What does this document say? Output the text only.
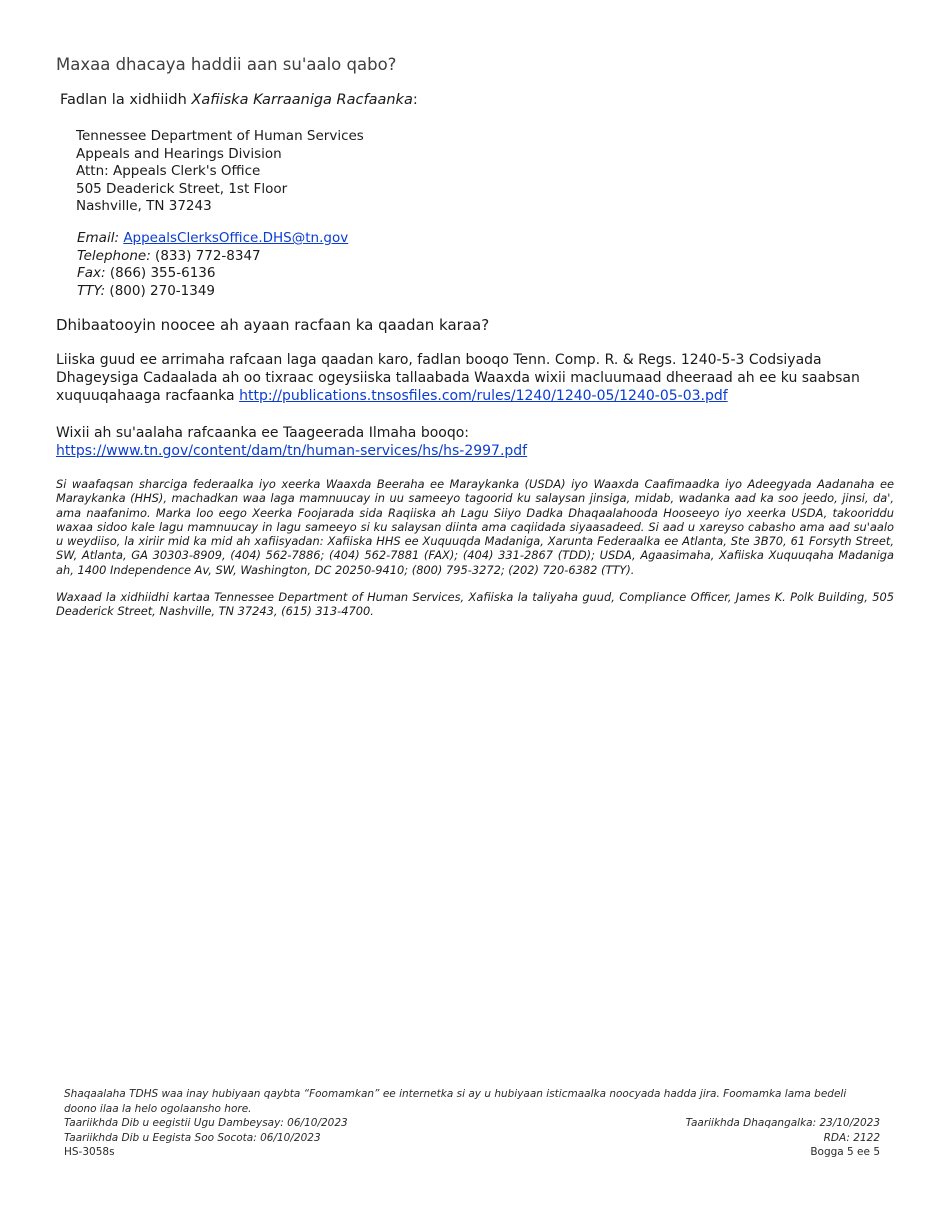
Maxaa dhacaya haddii aan su'aalo qabo?
Fadlan la xidhiidh Xafiiska Karraaniga Racfaanka:
Tennessee Department of Human Services
Appeals and Hearings Division
Attn: Appeals Clerk's Office
505 Deaderick Street, 1st Floor
Nashville, TN 37243
Email: AppealsClerksOffice.DHS@tn.gov
Telephone: (833) 772-8347
Fax: (866) 355-6136
TTY: (800) 270-1349
Dhibaatooyin noocee ah ayaan racfaan ka qaadan karaa?
Liiska guud ee arrimaha rafcaan laga qaadan karo, fadlan booqo Tenn. Comp. R. & Regs. 1240-5-3 Codsiyada Dhageysiga Cadaalada ah oo tixraac ogeysiiska tallaabada Waaxda wixii macluumaad dheeraad ah ee ku saabsan xuquuqahaaga racfaanka http://publications.tnsosfiles.com/rules/1240/1240-05/1240-05-03.pdf
Wixii ah su'aalaha rafcaanka ee Taageerada Ilmaha booqo:
https://www.tn.gov/content/dam/tn/human-services/hs/hs-2997.pdf
Si waafaqsan sharciga federaalka iyo xeerka Waaxda Beeraha ee Maraykanka (USDA) iyo Waaxda Caafimaadka iyo Adeegyada Aadanaha ee Maraykanka (HHS), machadkan waa laga mamnuucay in uu sameeyo tagoorid ku salaysan jinsiga, midab, wadanka aad ka soo jeedo, jinsi, da', ama naafanimo. Marka loo eego Xeerka Foojarada sida Raqiiska ah Lagu Siiyo Dadka Dhaqaalahooda Hooseeyo iyo xeerka USDA, takooriddu waxaa sidoo kale lagu mamnuucay in lagu sameeyo si ku salaysan diinta ama caqiidada siyaasadeed. Si aad u xareyso cabasho ama aad su'aalo u weydiiso, la xiriir mid ka mid ah xafiisyadan: Xafiiska HHS ee Xuquuqda Madaniga, Xarunta Federaalka ee Atlanta, Ste 3B70, 61 Forsyth Street, SW, Atlanta, GA 30303-8909, (404) 562-7886; (404) 562-7881 (FAX); (404) 331-2867 (TDD); USDA, Agaasimaha, Xafiiska Xuquuqaha Madaniga ah, 1400 Independence Av, SW, Washington, DC 20250-9410; (800) 795-3272; (202) 720-6382 (TTY).
Waxaad la xidhiidhi kartaa Tennessee Department of Human Services, Xafiiska la taliyaha guud, Compliance Officer, James K. Polk Building, 505 Deaderick Street, Nashville, TN 37243, (615) 313-4700.
Shaqaalaha TDHS waa inay hubiyaan qaybta “Foomamkan” ee internetka si ay u hubiyaan isticmaalka noocyada hadda jira. Foomamka lama bedeli doono ilaa la helo ogolaansho hore.
Taariikhda Dib u eegistii Ugu Dambeysay: 06/10/2023	Taariikhda Dhaqangalka: 23/10/2023
Taariikhda Dib u Eegista Soo Socota: 06/10/2023	RDA: 2122
HS-3058s	Bogga 5 ee 5
